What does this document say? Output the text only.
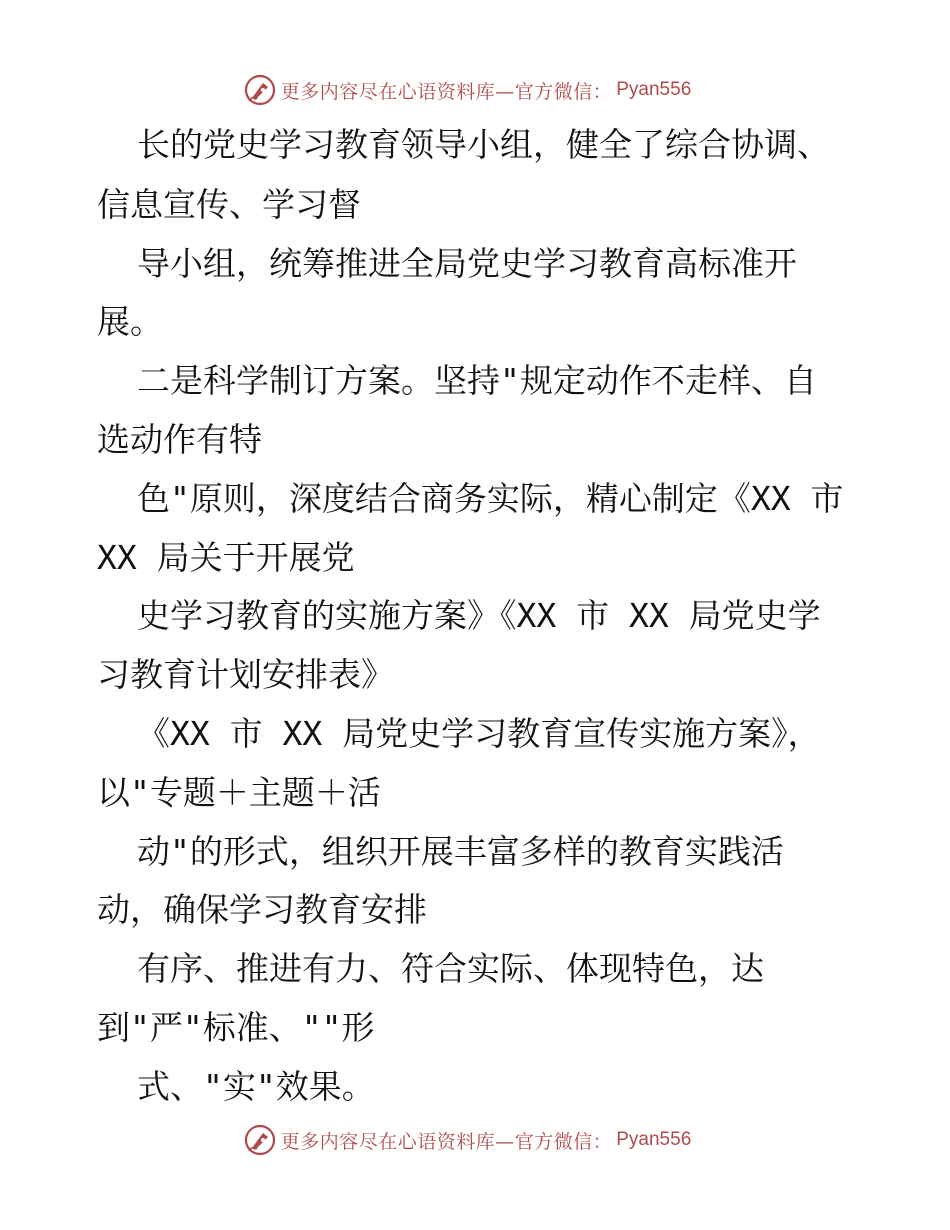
更多内容尽在心语资料库—官方微信： Pyan556
长的党史学习教育领导小组，健全了综合协调、
信息宣传、学习督
导小组，统筹推进全局党史学习教育高标准开
展。
二是科学制订方案。坚持"规定动作不走样、自
选动作有特
色"原则，深度结合商务实际，精心制定《XX 市
XX 局关于开展党
史学习教育的实施方案》《XX 市 XX 局党史学
习教育计划安排表》
《XX 市 XX 局党史学习教育宣传实施方案》，
以"专题＋主题＋活
动"的形式，组织开展丰富多样的教育实践活
动，确保学习教育安排
有序、推进有力、符合实际、体现特色，达
到"严"标准、""形
式、"实"效果。
更多内容尽在心语资料库—官方微信： Pyan556
